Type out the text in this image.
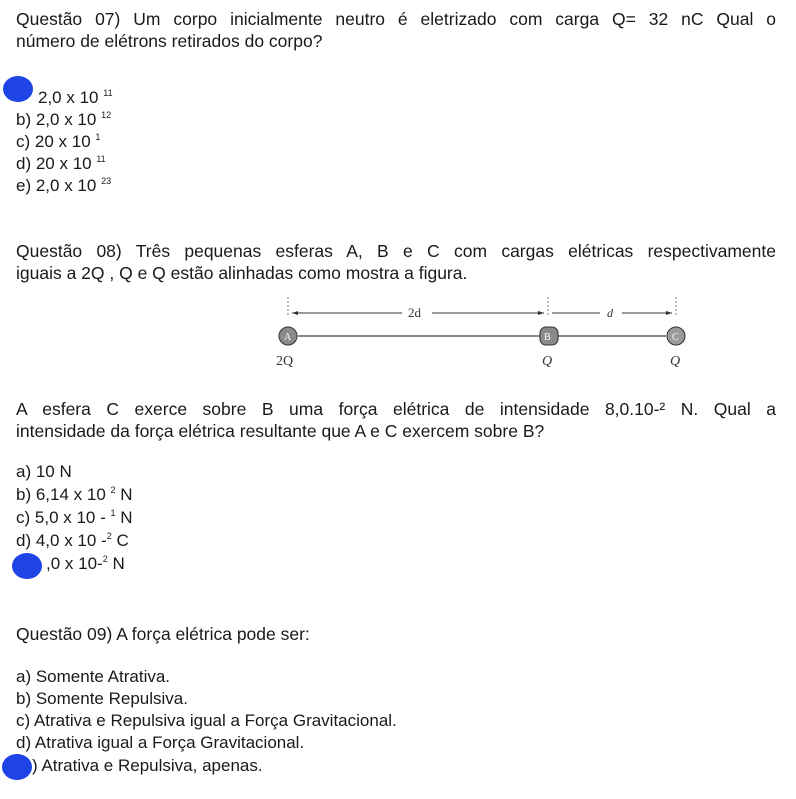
Questão 07) Um corpo inicialmente neutro é eletrizado com carga Q= 32 nC Qual o
número de elétrons retirados do corpo?
2,0 x 10 $^{11}$
b) 2,0 x 10 $^{12}$
c) 20 x 10 $^1$
d) 20 x 10 $^{11}$
e) 2,0 x 10 $^{23}$
Questão 08) Três pequenas esferas A, B e C com cargas elétricas respectivamente
iguais a 2Q , Q e Q estão alinhadas como mostra a figura.
2d	d
A	B	C
2Q	Q	Q
A esfera C exerce sobre B uma força elétrica de intensidade 8,0.10-² N. Qual a
intensidade da força elétrica resultante que A e C exercem sobre B?
a) 10 N
b) 6,14 x 10 $^2$ N
c) 5,0 x 10 - $^1$ N
d) 4,0 x 10 -$^2$ C
,0 x 10-$^2$ N
Questão 09) A força elétrica pode ser:
a) Somente Atrativa.
b) Somente Repulsiva.
c) Atrativa e Repulsiva igual a Força Gravitacional.
d) Atrativa igual a Força Gravitacional.
) Atrativa e Repulsiva, apenas.
